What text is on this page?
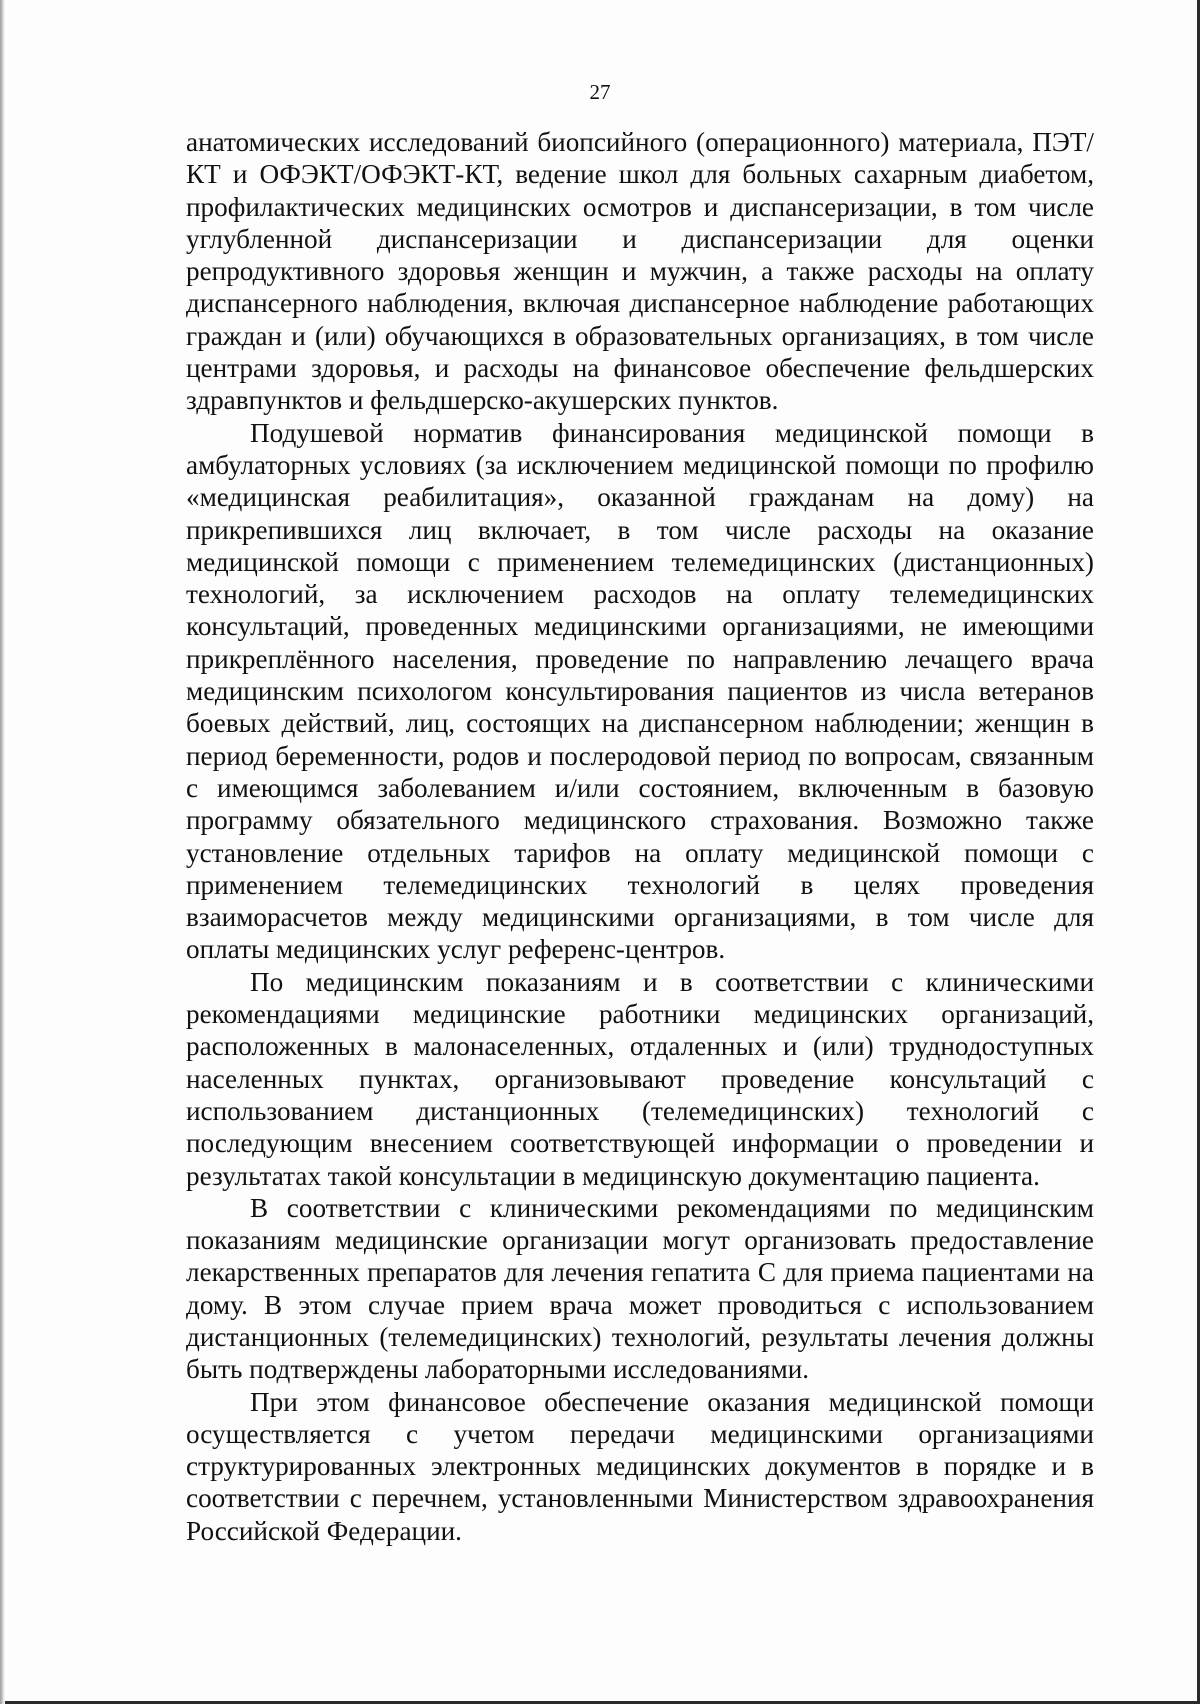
27

анатомических исследований биопсийного (операционного) материала, ПЭТ/КТ и ОФЭКТ/ОФЭКТ-КТ, ведение школ для больных сахарным диабетом, профилактических медицинских осмотров и диспансеризации, в том числе углубленной диспансеризации и диспансеризации для оценки репродуктивного здоровья женщин и мужчин, а также расходы на оплату диспансерного наблюдения, включая диспансерное наблюдение работающих граждан и (или) обучающихся в образовательных организациях, в том числе центрами здоровья, и расходы на финансовое обеспечение фельдшерских здравпунктов и фельдшерско-акушерских пунктов.

Подушевой норматив финансирования медицинской помощи в амбулаторных условиях (за исключением медицинской помощи по профилю «медицинская реабилитация», оказанной гражданам на дому) на прикрепившихся лиц включает, в том числе расходы на оказание медицинской помощи с применением телемедицинских (дистанционных) технологий, за исключением расходов на оплату телемедицинских консультаций, проведенных медицинскими организациями, не имеющими прикреплённого населения, проведение по направлению лечащего врача медицинским психологом консультирования пациентов из числа ветеранов боевых действий, лиц, состоящих на диспансерном наблюдении; женщин в период беременности, родов и послеродовой период по вопросам, связанным с имеющимся заболеванием и/или состоянием, включенным в базовую программу обязательного медицинского страхования. Возможно также установление отдельных тарифов на оплату медицинской помощи с применением телемедицинских технологий в целях проведения взаиморасчетов между медицинскими организациями, в том числе для оплаты медицинских услуг референс-центров.

По медицинским показаниям и в соответствии с клиническими рекомендациями медицинские работники медицинских организаций, расположенных в малонаселенных, отдаленных и (или) труднодоступных населенных пунктах, организовывают проведение консультаций с использованием дистанционных (телемедицинских) технологий с последующим внесением соответствующей информации о проведении и результатах такой консультации в медицинскую документацию пациента.

В соответствии с клиническими рекомендациями по медицинским показаниям медицинские организации могут организовать предоставление лекарственных препаратов для лечения гепатита С для приема пациентами на дому. В этом случае прием врача может проводиться с использованием дистанционных (телемедицинских) технологий, результаты лечения должны быть подтверждены лабораторными исследованиями.

При этом финансовое обеспечение оказания медицинской помощи осуществляется с учетом передачи медицинскими организациями структурированных электронных медицинских документов в порядке и в соответствии с перечнем, установленными Министерством здравоохранения Российской Федерации.
